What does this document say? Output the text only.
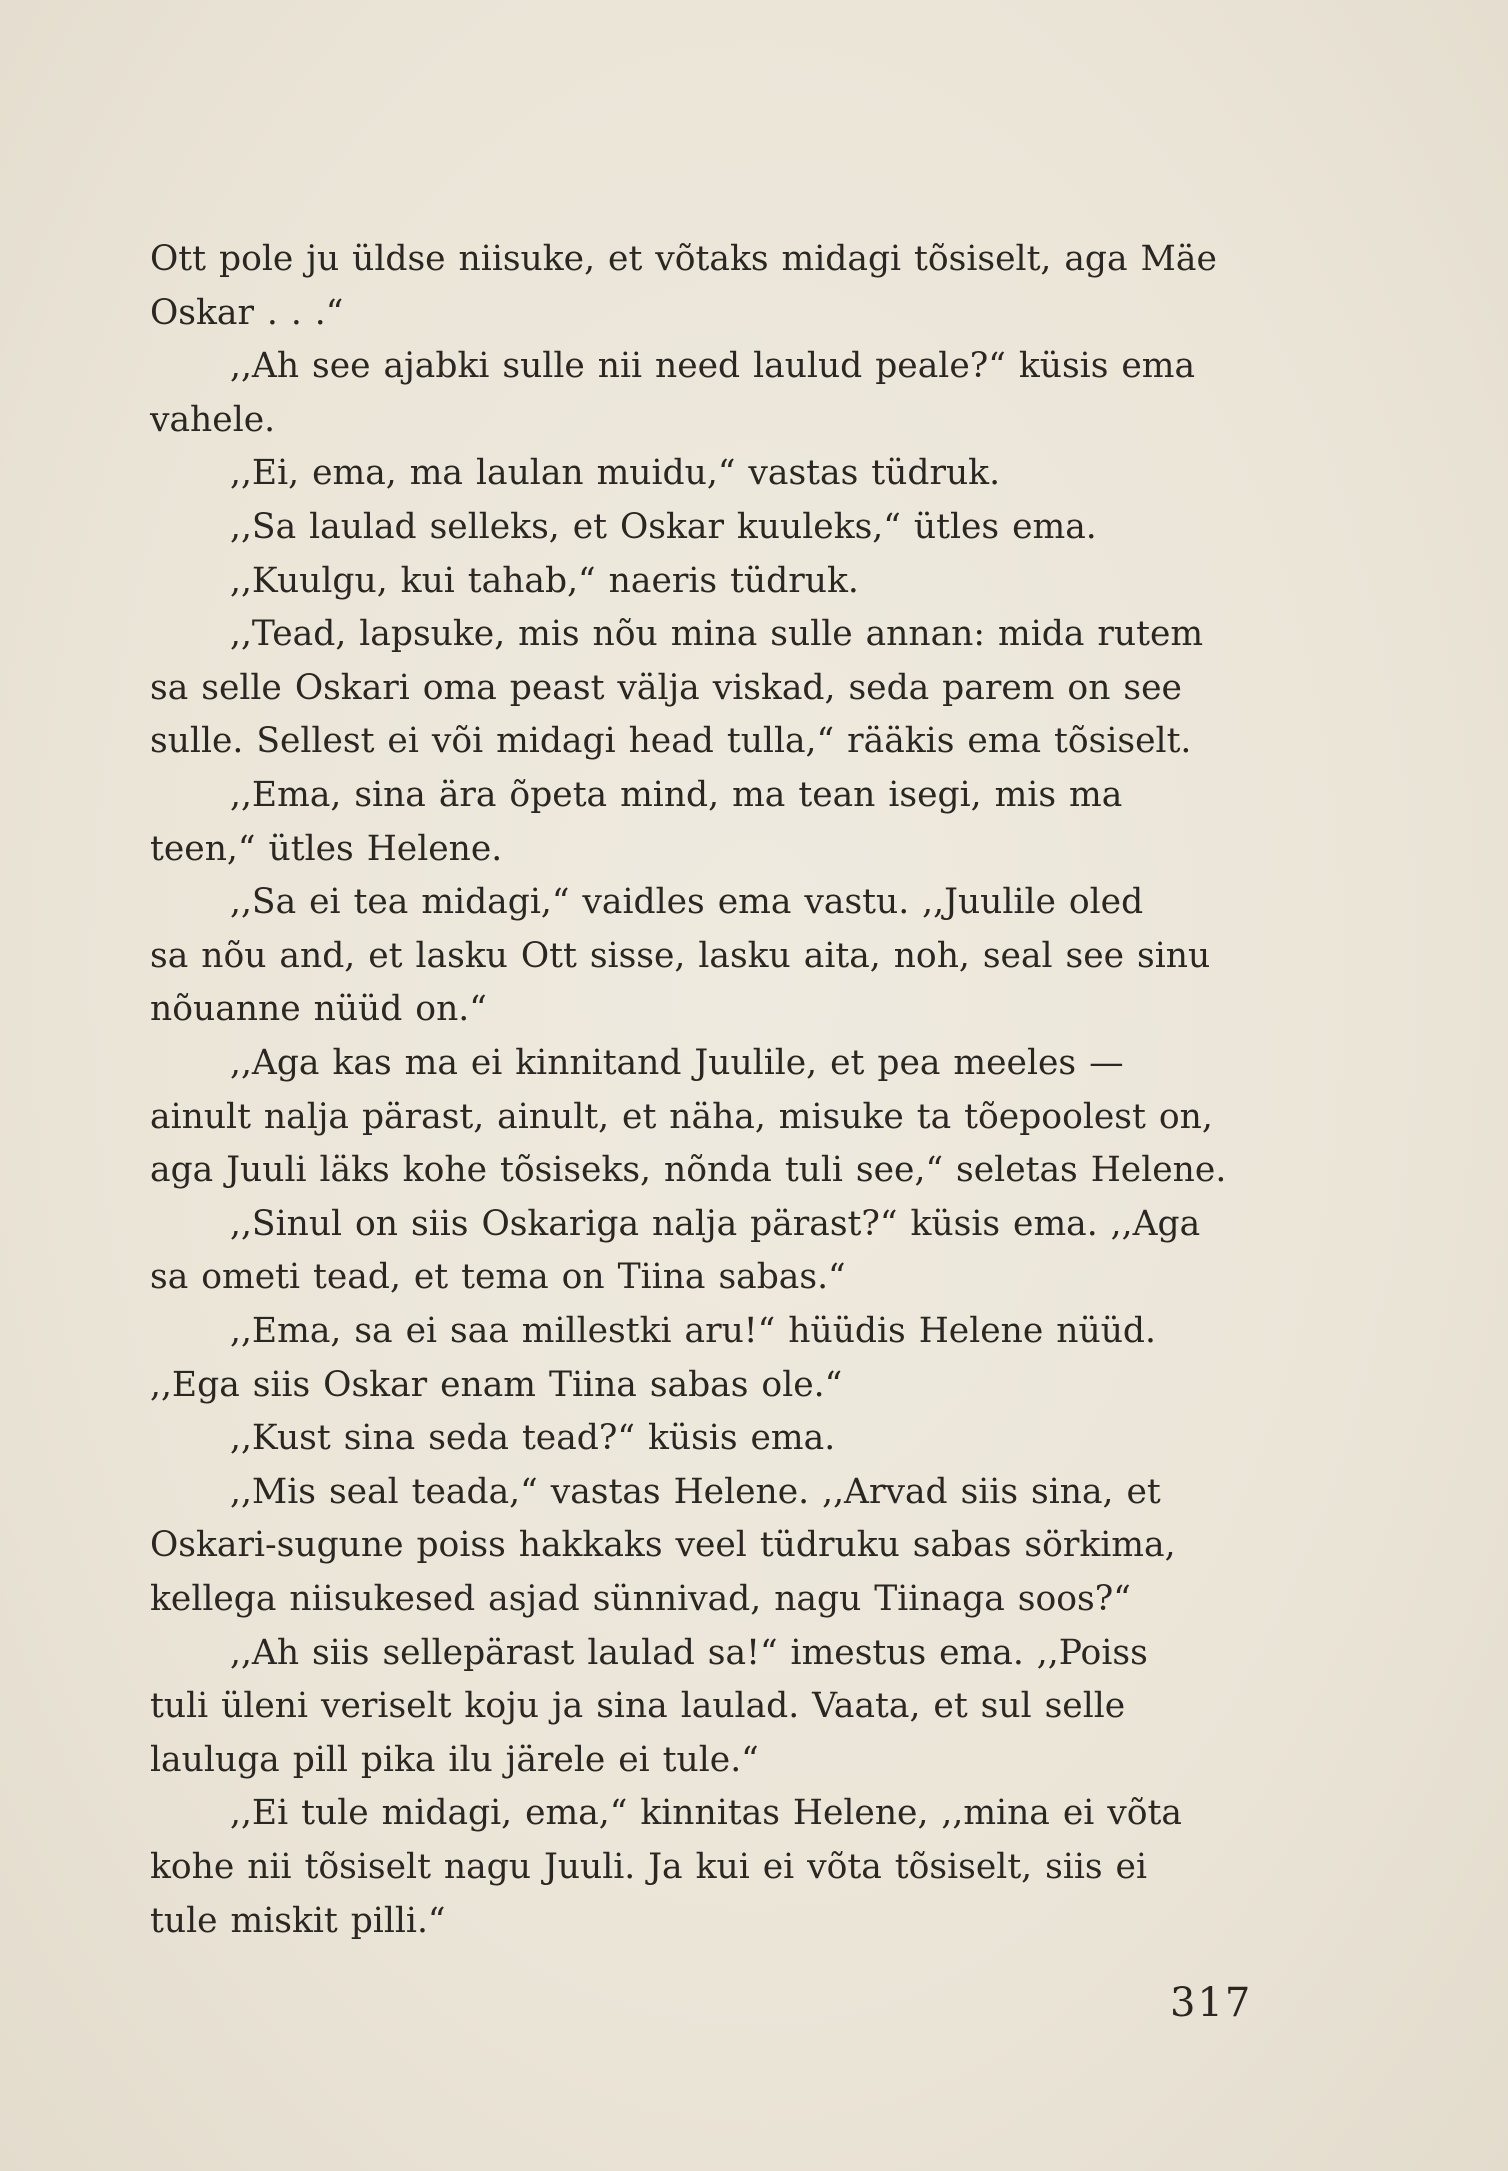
Ott pole ju üldse niisuke, et võtaks midagi tõsiselt, aga Mäe
Oskar . . .“
,,Ah see ajabki sulle nii need laulud peale?“ küsis ema
vahele.
,,Ei, ema, ma laulan muidu,“ vastas tüdruk.
,,Sa laulad selleks, et Oskar kuuleks,“ ütles ema.
,,Kuulgu, kui tahab,“ naeris tüdruk.
,,Tead, lapsuke, mis nõu mina sulle annan: mida rutem
sa selle Oskari oma peast välja viskad, seda parem on see
sulle. Sellest ei või midagi head tulla,“ rääkis ema tõsiselt.
,,Ema, sina ära õpeta mind, ma tean isegi, mis ma
teen,“ ütles Helene.
,,Sa ei tea midagi,“ vaidles ema vastu. ,,Juulile oled
sa nõu and, et lasku Ott sisse, lasku aita, noh, seal see sinu
nõuanne nüüd on.“
,,Aga kas ma ei kinnitand Juulile, et pea meeles —
ainult nalja pärast, ainult, et näha, misuke ta tõepoolest on,
aga Juuli läks kohe tõsiseks, nõnda tuli see,“ seletas Helene.
,,Sinul on siis Oskariga nalja pärast?“ küsis ema. ,,Aga
sa ometi tead, et tema on Tiina sabas.“
,,Ema, sa ei saa millestki aru!“ hüüdis Helene nüüd.
,,Ega siis Oskar enam Tiina sabas ole.“
,,Kust sina seda tead?“ küsis ema.
,,Mis seal teada,“ vastas Helene. ,,Arvad siis sina, et
Oskari-sugune poiss hakkaks veel tüdruku sabas sörkima,
kellega niisukesed asjad sünnivad, nagu Tiinaga soos?“
,,Ah siis sellepärast laulad sa!“ imestus ema. ,,Poiss
tuli üleni veriselt koju ja sina laulad. Vaata, et sul selle
lauluga pill pika ilu järele ei tule.“
,,Ei tule midagi, ema,“ kinnitas Helene, ,,mina ei võta
kohe nii tõsiselt nagu Juuli. Ja kui ei võta tõsiselt, siis ei
tule miskit pilli.“
317
